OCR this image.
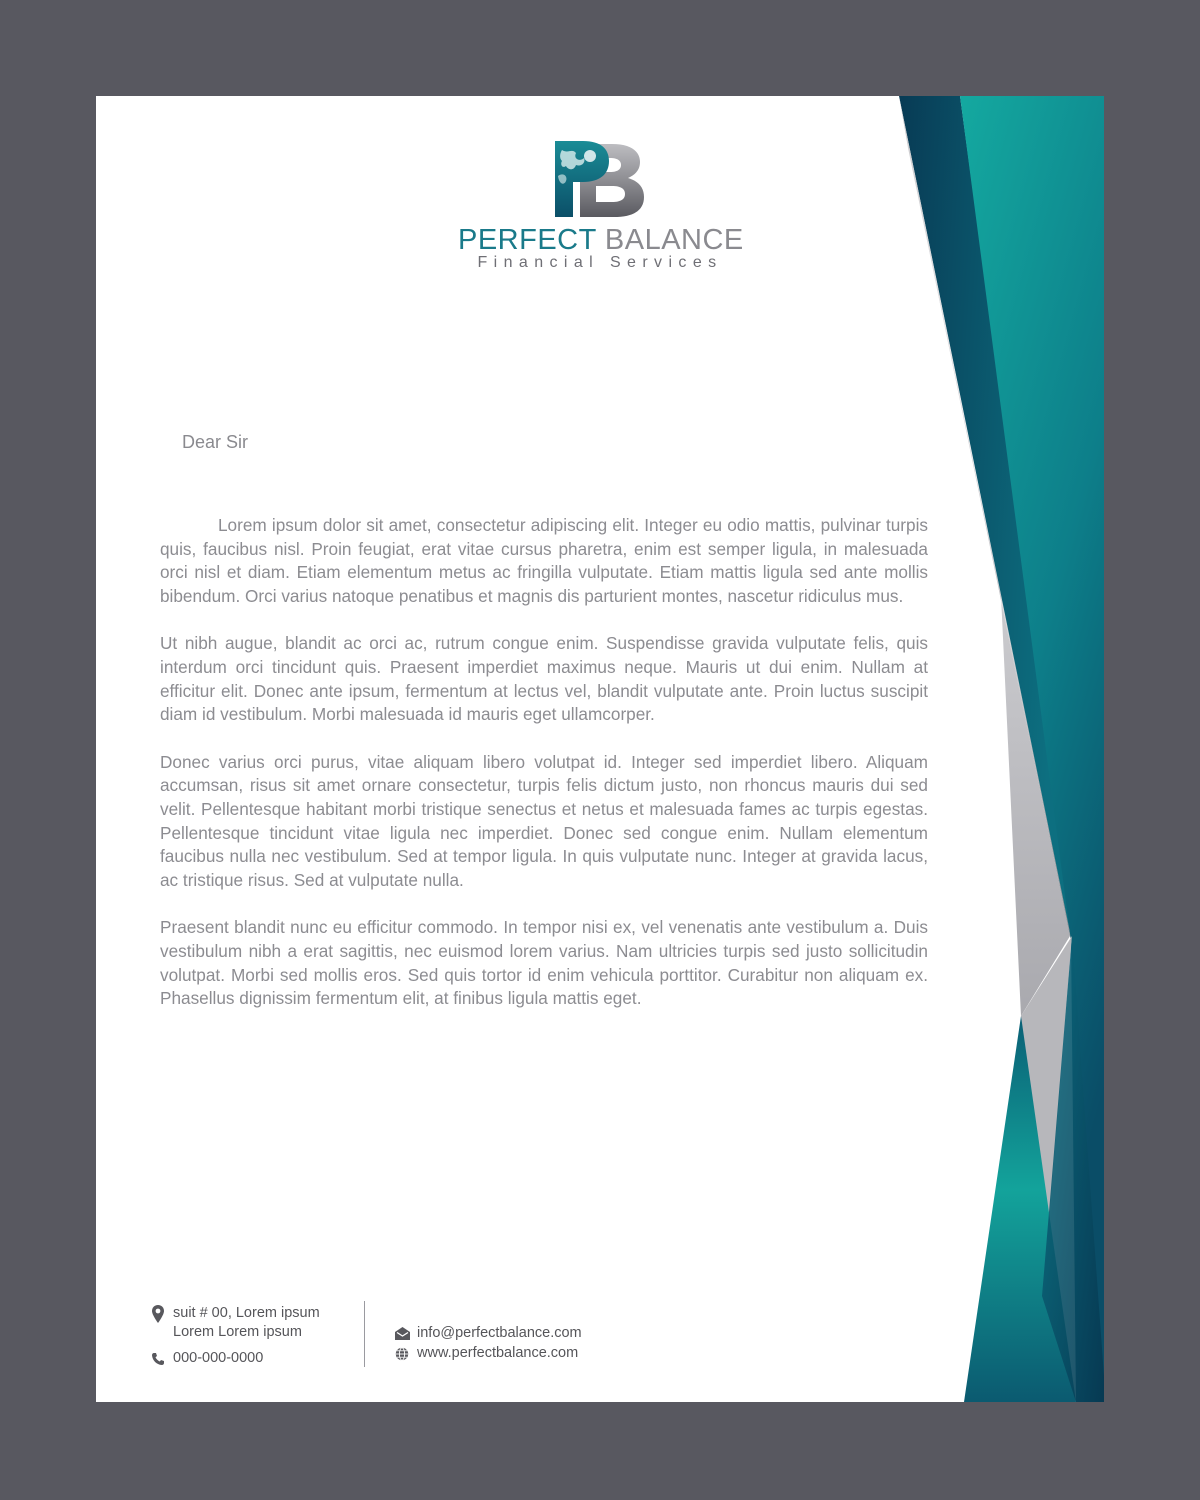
PERFECT BALANCE
Financial Services
Dear Sir

Lorem ipsum dolor sit amet, consectetur adipiscing elit. Integer eu odio mattis, pulvinar turpis quis, faucibus nisl. Proin feugiat, erat vitae cursus pharetra, enim est semper ligula, in malesuada orci nisl et diam. Etiam elementum metus ac fringilla vulputate. Etiam mattis ligula sed ante mollis bibendum. Orci varius natoque penatibus et magnis dis parturient montes, nascetur ridiculus mus.

Ut nibh augue, blandit ac orci ac, rutrum congue enim. Suspendisse gravida vulputate felis, quis interdum orci tincidunt quis. Praesent imperdiet maximus neque. Mauris ut dui enim. Nullam at efficitur elit. Donec ante ipsum, fermentum at lectus vel, blandit vulputate ante. Proin luctus suscipit diam id vestibulum. Morbi malesuada id mauris eget ullamcorper.

Donec varius orci purus, vitae aliquam libero volutpat id. Integer sed imperdiet libero. Aliquam accumsan, risus sit amet ornare consectetur, turpis felis dictum justo, non rhoncus mauris dui sed velit. Pellentesque habitant morbi tristique senectus et netus et malesuada fames ac turpis egestas. Pellentesque tincidunt vitae ligula nec imperdiet. Donec sed congue enim. Nullam elementum faucibus nulla nec vestibulum. Sed at tempor ligula. In quis vulputate nunc. Integer at gravida lacus, ac tristique risus. Sed at vulputate nulla.

Praesent blandit nunc eu efficitur commodo. In tempor nisi ex, vel venenatis ante vestibulum a. Duis vestibulum nibh a erat sagittis, nec euismod lorem varius. Nam ultricies turpis sed justo sollicitudin volutpat. Morbi sed mollis eros. Sed quis tortor id enim vehicula porttitor. Curabitur non aliquam ex. Phasellus dignissim fermentum elit, at finibus ligula mattis eget.

suit # 00, Lorem ipsum
Lorem Lorem ipsum
000-000-0000
info@perfectbalance.com
www.perfectbalance.com
